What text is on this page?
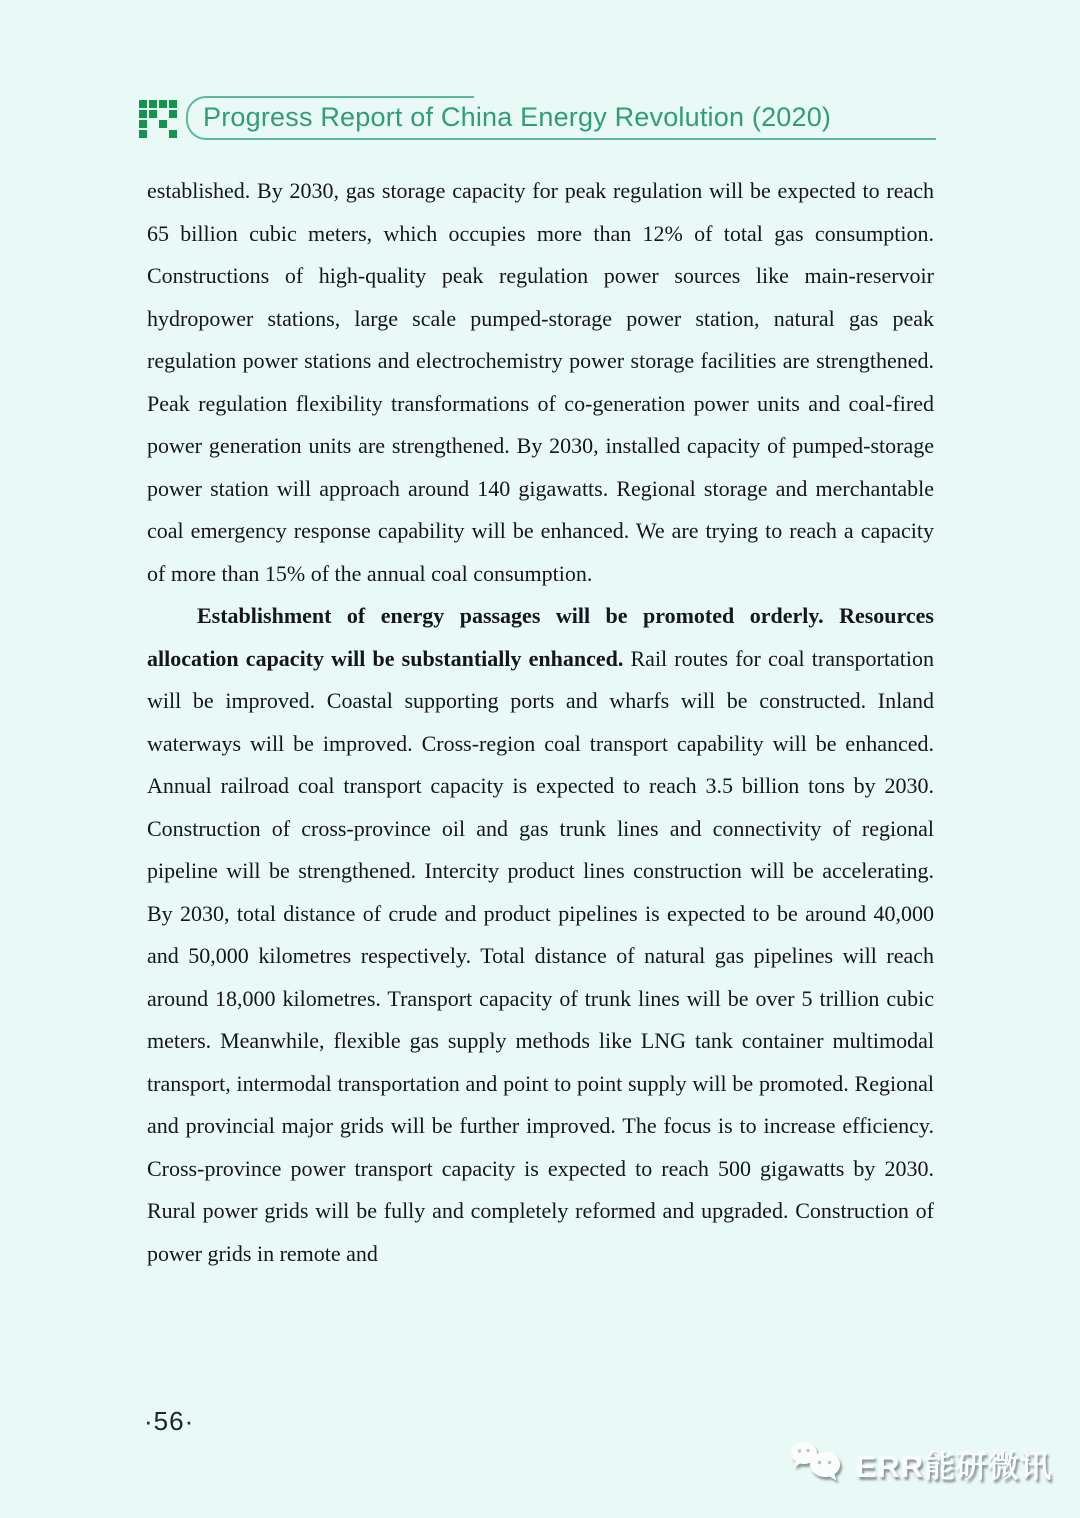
Progress Report of China Energy Revolution (2020)

established. By 2030, gas storage capacity for peak regulation will be expected to reach 65 billion cubic meters, which occupies more than 12% of total gas consumption. Constructions of high-quality peak regulation power sources like main-reservoir hydropower stations, large scale pumped-storage power station, natural gas peak regulation power stations and electrochemistry power storage facilities are strengthened. Peak regulation flexibility transformations of co-generation power units and coal-fired power generation units are strengthened. By 2030, installed capacity of pumped-storage power station will approach around 140 gigawatts. Regional storage and merchantable coal emergency response capability will be enhanced. We are trying to reach a capacity of more than 15% of the annual coal consumption.

Establishment of energy passages will be promoted orderly. Resources allocation capacity will be substantially enhanced. Rail routes for coal transportation will be improved. Coastal supporting ports and wharfs will be constructed. Inland waterways will be improved. Cross-region coal transport capability will be enhanced. Annual railroad coal transport capacity is expected to reach 3.5 billion tons by 2030. Construction of cross-province oil and gas trunk lines and connectivity of regional pipeline will be strengthened. Intercity product lines construction will be accelerating. By 2030, total distance of crude and product pipelines is expected to be around 40,000 and 50,000 kilometres respectively. Total distance of natural gas pipelines will reach around 18,000 kilometres. Transport capacity of trunk lines will be over 5 trillion cubic meters. Meanwhile, flexible gas supply methods like LNG tank container multimodal transport, intermodal transportation and point to point supply will be promoted. Regional and provincial major grids will be further improved. The focus is to increase efficiency. Cross-province power transport capacity is expected to reach 500 gigawatts by 2030. Rural power grids will be fully and completely reformed and upgraded. Construction of power grids in remote and

·56·
ERR能研微讯
